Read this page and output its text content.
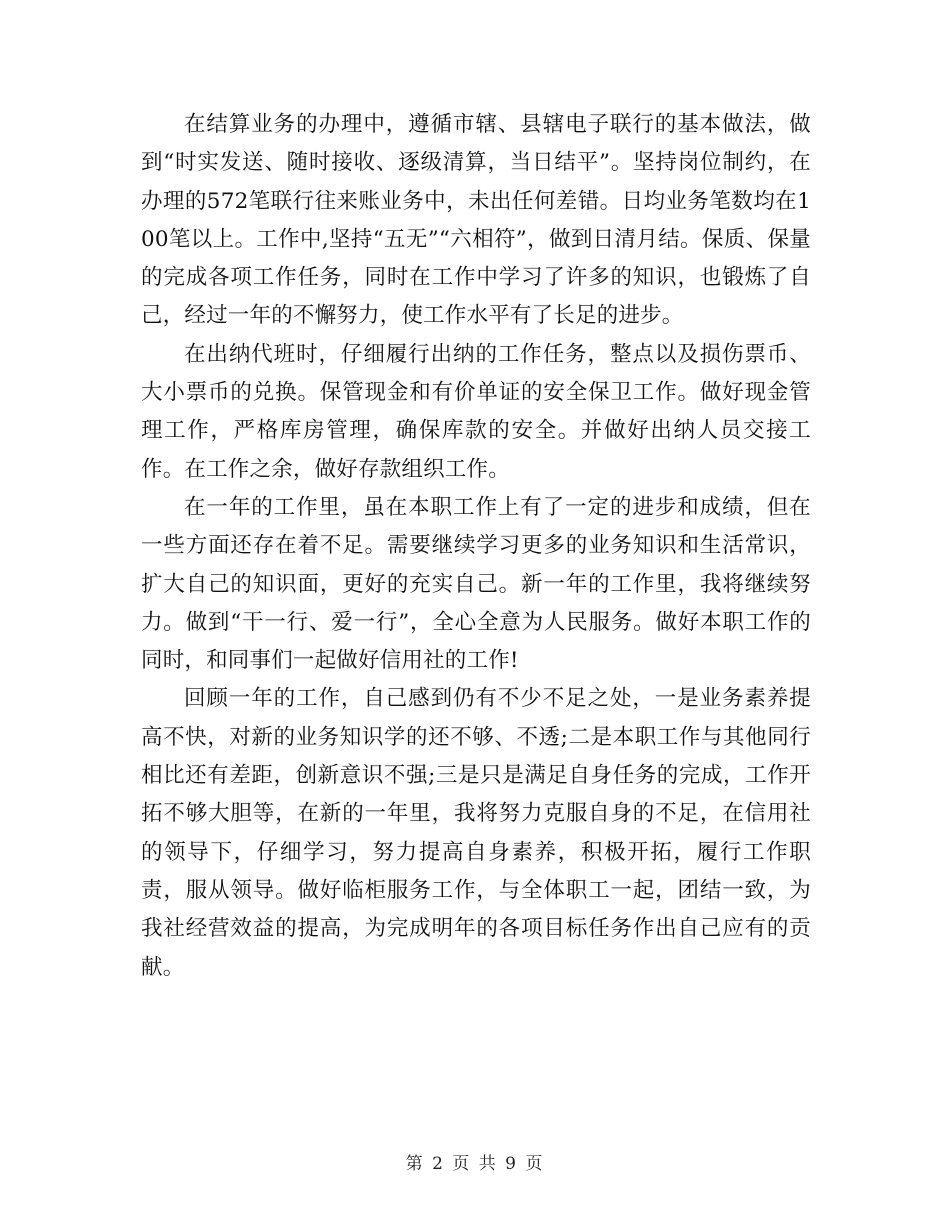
在结算业务的办理中，遵循市辖、县辖电子联行的基本做法，做到“时实发送、随时接收、逐级清算，当日结平”。坚持岗位制约，在办理的572笔联行往来账业务中，未出任何差错。日均业务笔数均在100笔以上。工作中,坚持“五无”“六相符”，做到日清月结。保质、保量的完成各项工作任务，同时在工作中学习了许多的知识，也锻炼了自己，经过一年的不懈努力，使工作水平有了长足的进步。

在出纳代班时，仔细履行出纳的工作任务，整点以及损伤票币、大小票币的兑换。保管现金和有价单证的安全保卫工作。做好现金管理工作，严格库房管理，确保库款的安全。并做好出纳人员交接工作。在工作之余，做好存款组织工作。

在一年的工作里，虽在本职工作上有了一定的进步和成绩，但在一些方面还存在着不足。需要继续学习更多的业务知识和生活常识，扩大自己的知识面，更好的充实自己。新一年的工作里，我将继续努力。做到“干一行、爱一行”，全心全意为人民服务。做好本职工作的同时，和同事们一起做好信用社的工作!

回顾一年的工作，自己感到仍有不少不足之处，一是业务素养提高不快，对新的业务知识学的还不够、不透;二是本职工作与其他同行相比还有差距，创新意识不强;三是只是满足自身任务的完成，工作开拓不够大胆等，在新的一年里，我将努力克服自身的不足，在信用社的领导下，仔细学习，努力提高自身素养，积极开拓，履行工作职责，服从领导。做好临柜服务工作，与全体职工一起，团结一致，为我社经营效益的提高，为完成明年的各项目标任务作出自己应有的贡献。

第 2 页 共 9 页
